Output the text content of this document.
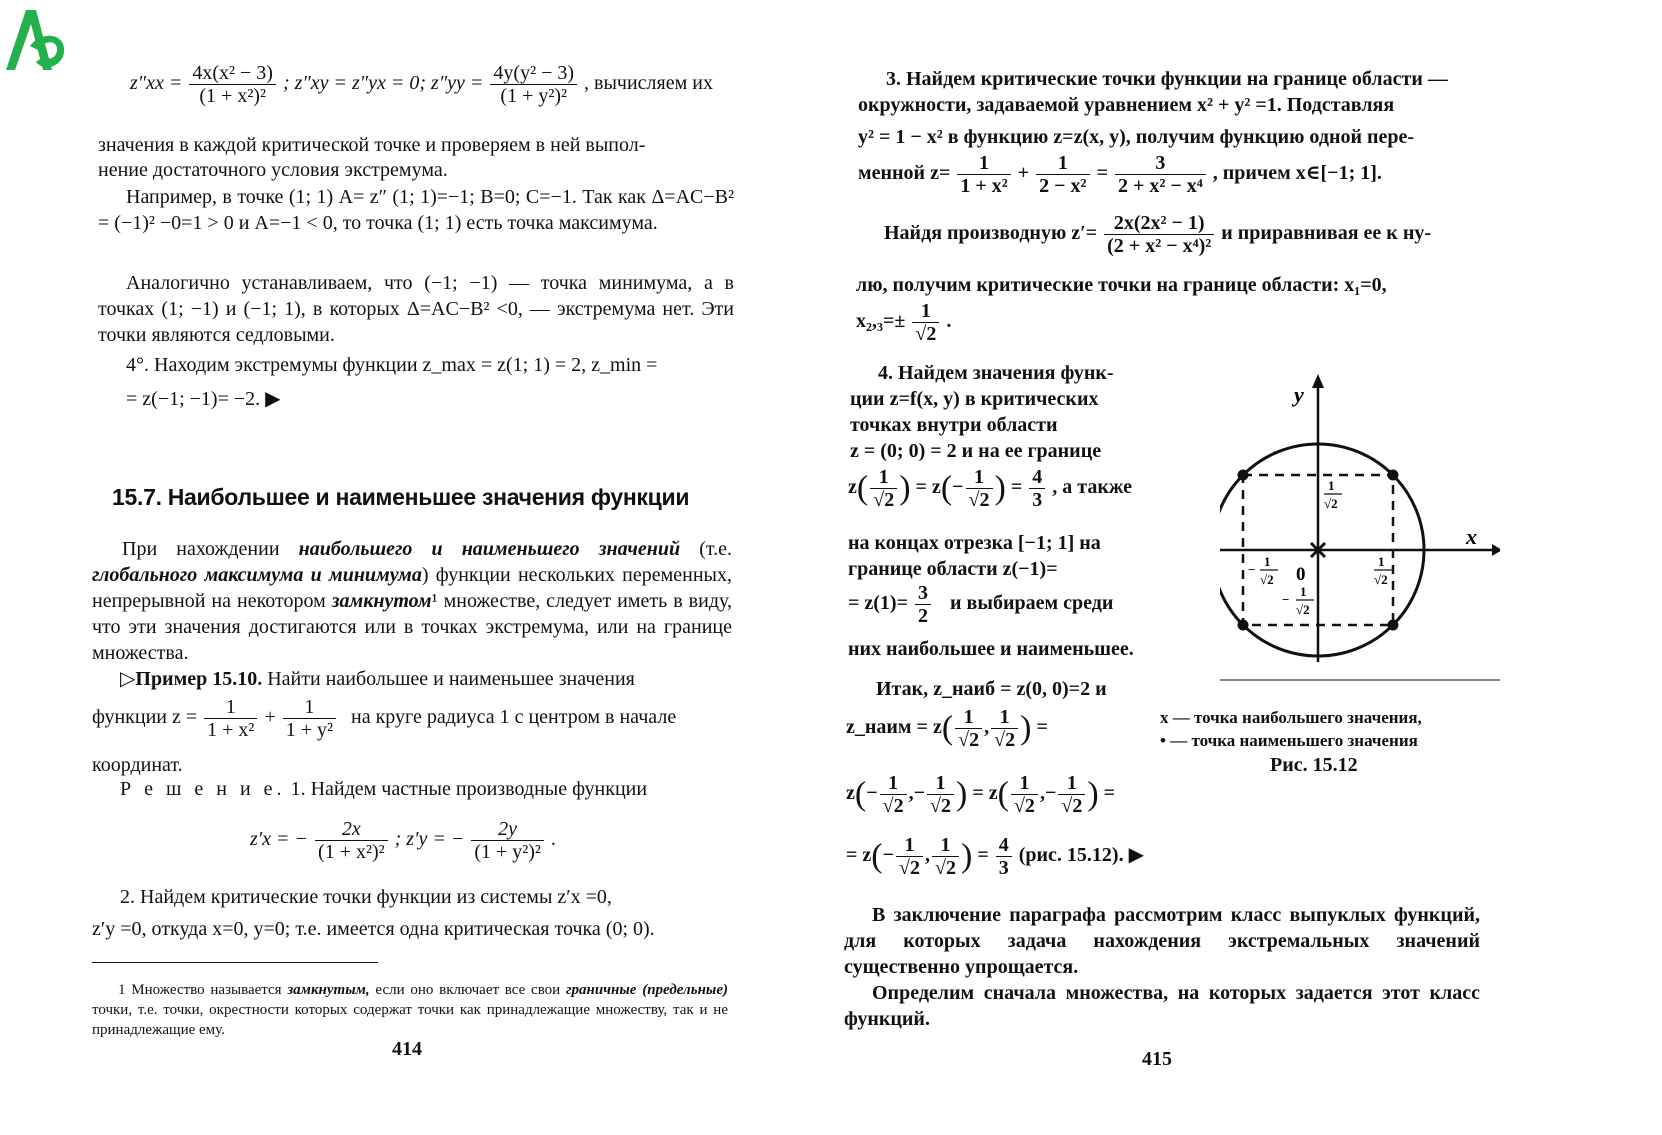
$z''xx = \frac{\text{4x(x² − 3)}}{\text{(1 + x²)²}}$ ; z″xy = z″yx = 0; $z''yy = \frac{\text{4y(y² − 3)}}{\text{(1 + y²)²}}$ , вычисляем их
значения в каждой критической точке и проверяем в ней выпол-
нение достаточного условия экстремума.
Например, в точке (1; 1) A= z″ (1; 1)=−1; B=0; C=−1. Так как Δ=AC−B² = (−1)² −0=1 > 0 и A=−1 < 0, то точка (1; 1) есть точка максимума.
Аналогично устанавливаем, что (−1; −1) — точка минимума, а в точках (1; −1) и (−1; 1), в которых Δ=AC−B² <0, — экстремума нет. Эти точки являются седловыми.
4°. Находим экстремумы функции z_max = z(1; 1) = 2, z_min =
= z(−1; −1)= −2. ▶
15.7. Наибольшее и наименьшее значения функции
При нахождении наибольшего и наименьшего значений (т.е. глобального максимума и минимума) функции нескольких переменных, непрерывной на некотором замкнутом¹ множестве, следует иметь в виду, что эти значения достигаются или в точках экстремума, или на границе множества.
▷Пример 15.10. Найти наибольшее и наименьшее значения
функции $z = \frac{1}{\text{1 + x²}} + \frac{1}{\text{1 + y²}}$ на круге радиуса 1 с центром в начале
координат.
Р е ш е н и е. 1. Найдем частные производные функции
z′x = − $\frac{2x}{\text{(1 + x²)²}}$ ; z′y = − $\frac{2y}{\text{(1 + y²)²}}$ .
2. Найдем критические точки функции из системы z′x =0,
z′y =0, откуда x=0, y=0; т.е. имеется одна критическая точка (0; 0).
1 Множество называется замкнутым, если оно включает все свои граничные (предельные) точки, т.е. точки, окрестности которых содержат точки как принадлежащие множеству, так и не принадлежащие ему.
414
3. Найдем критические точки функции на границе области —
окружности, задаваемой уравнением x² + y² =1. Подставляя
y² = 1 − x² в функцию z=z(x, y), получим функцию одной пере-
менной $z= \frac{1}{\text{1 + x²}} + \frac{1}{\text{2 − x²}} = \frac{3}{\text{2 + x² − x⁴}}$ , причем x∈[−1; 1].
Найдя производную $z'= \frac{\text{2x(2x² − 1)}}{\text{(2 + x² − x⁴)²}}$ и приравнивая ее к ну-
лю, получим критические точки на границе области: x₁=0,
$x_2,_3=\pm \frac{1}{√2}$ .
4. Найдем значения функ-
ции z=f(x, y) в критических
точках внутри области
z = (0; 0) = 2 и на ее границе
$z( \frac{1}{√2}$ ) = $z(- \frac{1}{√2}$ ) = $\frac{4}{3}$ , а также
на концах отрезка [−1; 1] на
границе области z(−1)=
= $z(1)= \frac{3}{2}$ и выбираем среди
них наибольшее и наименьшее.
Итак, z_наиб = z(0, 0)=2 и
z_наим = $z( \frac{1}{√2}$ , $\frac{1}{√2}$ ) =
$z(- \frac{1}{√2}$ ,− $\frac{1}{√2}$ ) = $z( \frac{1}{√2}$ ,− $\frac{1}{√2}$ ) =
= $z(- \frac{1}{√2}$ , $\frac{1}{√2}$ ) = $\frac{4}{3} (рис$. 15.12). ▶
В заключение параграфа рассмотрим класс выпуклых функций, для которых задача нахождения экстремальных значений существенно упрощается.
Определим сначала множества, на которых задается этот класс функций.
415
y
x
0
1
√2
1
√2
−
1
√2
−
1
√2
x — точка наибольшего значения,
• — точка наименьшего значения
Рис. 15.12
